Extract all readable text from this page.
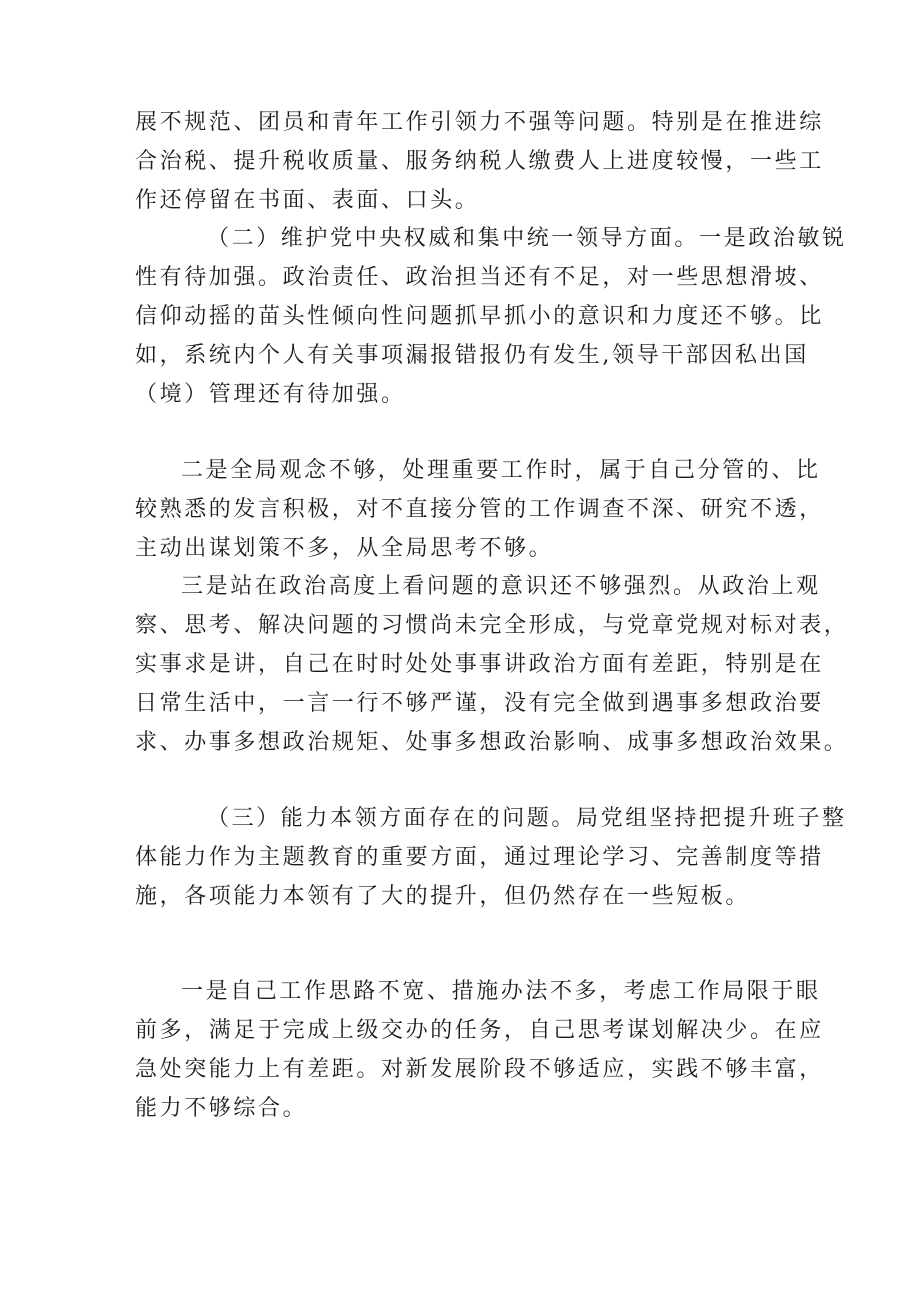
展不规范、团员和青年工作引领力不强等问题。特别是在推进综
合治税、提升税收质量、服务纳税人缴费人上进度较慢，一些工
作还停留在书面、表面、口头。

（二）维护党中央权威和集中统一领导方面。一是政治敏锐
性有待加强。政治责任、政治担当还有不足，对一些思想滑坡、
信仰动摇的苗头性倾向性问题抓早抓小的意识和力度还不够。比
如，系统内个人有关事项漏报错报仍有发生,领导干部因私出国
（境）管理还有待加强。

二是全局观念不够，处理重要工作时，属于自己分管的、比
较熟悉的发言积极，对不直接分管的工作调查不深、研究不透，
主动出谋划策不多，从全局思考不够。

三是站在政治高度上看问题的意识还不够强烈。从政治上观
察、思考、解决问题的习惯尚未完全形成，与党章党规对标对表，
实事求是讲，自己在时时处处事事讲政治方面有差距，特别是在
日常生活中，一言一行不够严谨，没有完全做到遇事多想政治要
求、办事多想政治规矩、处事多想政治影响、成事多想政治效果。

（三）能力本领方面存在的问题。局党组坚持把提升班子整
体能力作为主题教育的重要方面，通过理论学习、完善制度等措
施，各项能力本领有了大的提升，但仍然存在一些短板。

一是自己工作思路不宽、措施办法不多，考虑工作局限于眼
前多，满足于完成上级交办的任务，自己思考谋划解决少。在应
急处突能力上有差距。对新发展阶段不够适应，实践不够丰富，
能力不够综合。
